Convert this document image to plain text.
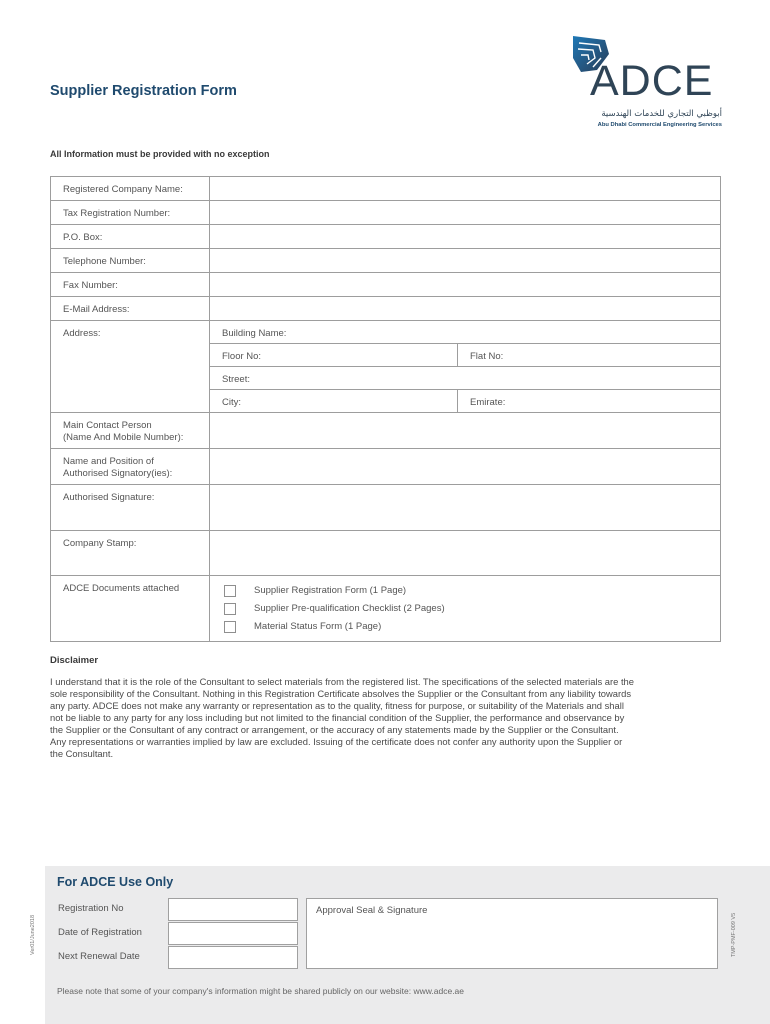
Supplier Registration Form	ADCE
أبوظبي التجاري للخدمات الهندسية
Abu Dhabi Commercial Engineering Services
All Information must be provided with no exception
Registered Company Name:		
Tax Registration Number:		
P.O. Box:		
Telephone Number:		
Fax Number:		
E-Mail Address:		
Address:	Building Name:	
	Floor No:	Flat No:
	Street:	
	City:	Emirate:

Main Contact Person
(Name And Mobile Number):		

Name and Position of
Authorised Signatory(ies):		

Authorised Signature:		
Company Stamp:		
ADCE Documents attached	Supplier Registration Form (1 Page)
Supplier Pre-qualification Checklist (2 Pages)
Material Status Form (1 Page)	
Disclaimer
I understand that it is the role of the Consultant to select materials from the registered list. The specifications of the selected materials are the
sole responsibility of the Consultant. Nothing in this Registration Certificate absolves the Supplier or the Consultant from any liability towards
any party. ADCE does not make any warranty or representation as to the quality, fitness for purpose, or suitability of the Materials and shall
not be liable to any party for any loss including but not limited to the financial condition of the Supplier, the performance and observance by
the Supplier or the Consultant of any contract or arrangement, or the accuracy of any statements made by the Supplier or the Consultant.
Any representations or warranties implied by law are excluded. Issuing of the certificate does not confer any authority upon the Supplier or
the Consultant.
For ADCE Use Only
Registration No
Date of Registration
Next Renewal Date
Approval Seal & Signature
Please note that some of your company's information might be shared publicly on our website: www.adce.ae
Ver01/June2018	TMP-PMF-009 V5
